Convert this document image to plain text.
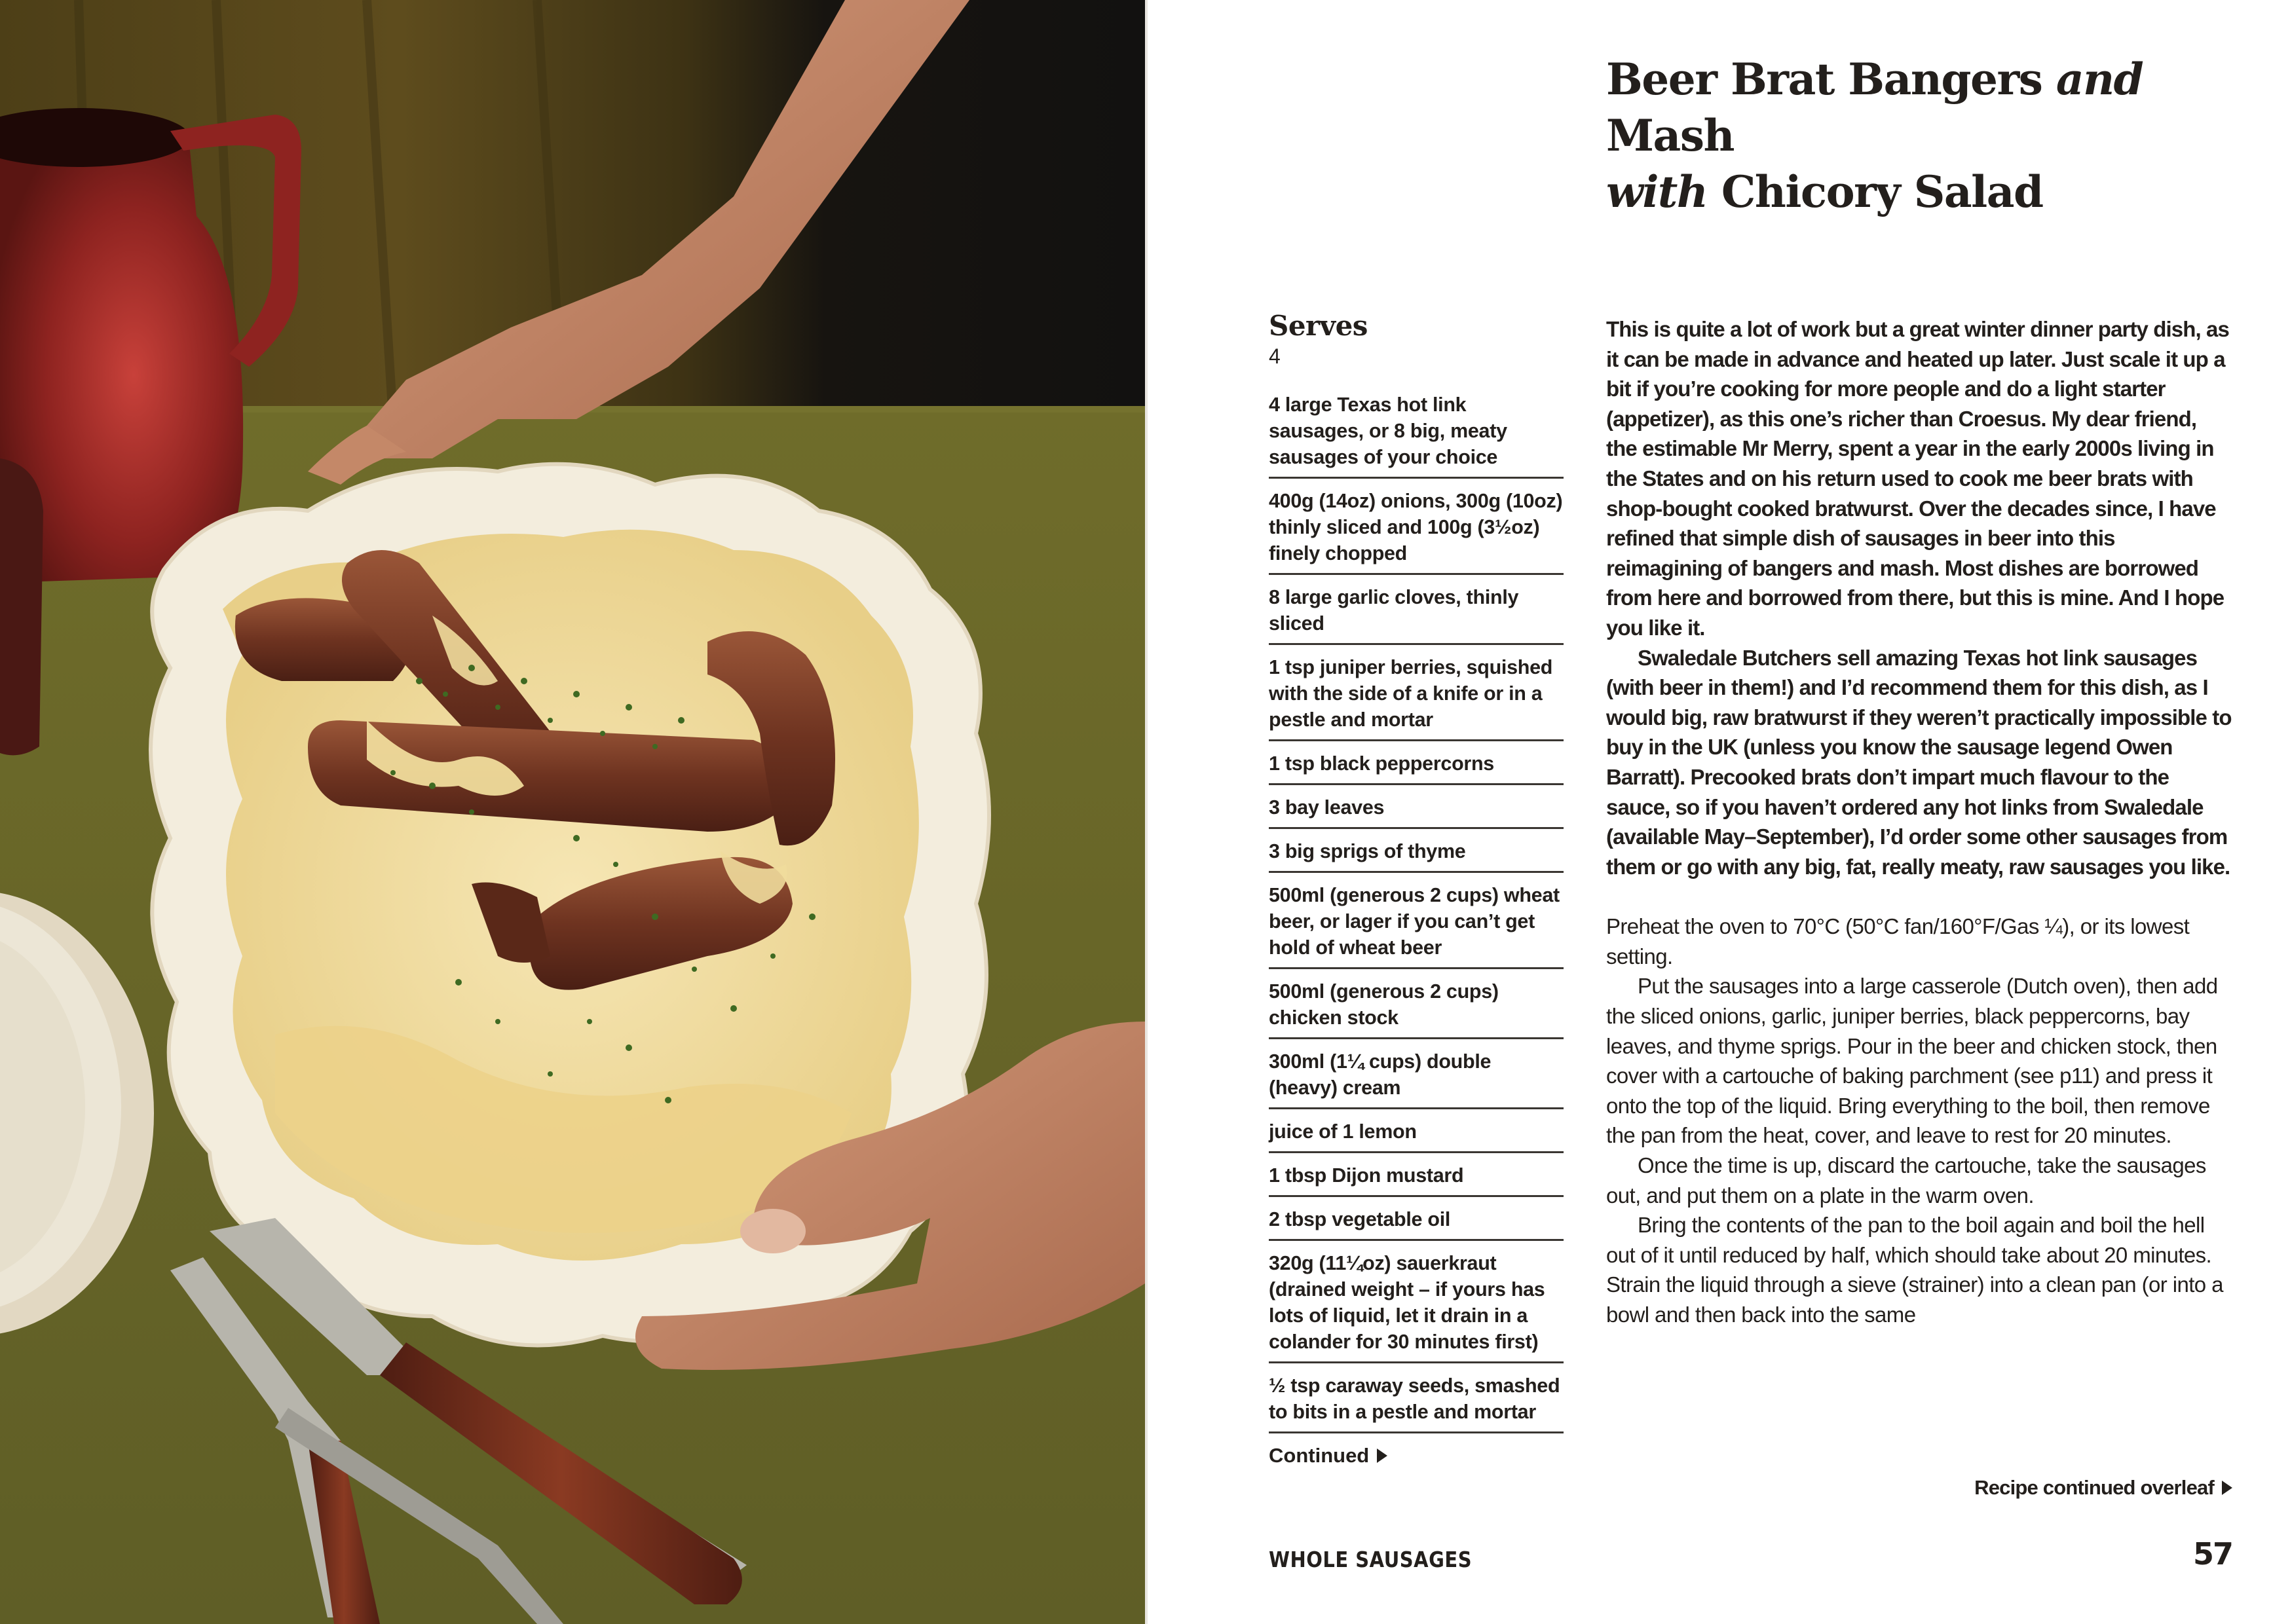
Beer Brat Bangers and Mash
with Chicory Salad
Serves
4
4 large Texas hot link sausages, or 8 big, meaty sausages of your choice
400g (14oz) onions, 300g (10oz) thinly sliced and 100g (3½oz) finely chopped
8 large garlic cloves, thinly sliced
1 tsp juniper berries, squished with the side of a knife or in a pestle and mortar
1 tsp black peppercorns
3 bay leaves
3 big sprigs of thyme
500ml (generous 2 cups) wheat beer, or lager if you can’t get hold of wheat beer
500ml (generous 2 cups) chicken stock
300ml (1¼ cups) double (heavy) cream
juice of 1 lemon
1 tbsp Dijon mustard
2 tbsp vegetable oil
320g (11¼oz) sauerkraut (drained weight – if yours has lots of liquid, let it drain in a colander for 30 minutes first)
½ tsp caraway seeds, smashed to bits in a pestle and mortar
Continued

This is quite a lot of work but a great winter dinner party dish, as it can be made in advance and heated up later. Just scale it up a bit if you’re cooking for more people and do a light starter (appetizer), as this one’s richer than Croesus. My dear friend, the estimable Mr Merry, spent a year in the early 2000s living in the States and on his return used to cook me beer brats with shop-bought cooked bratwurst. Over the decades since, I have refined that simple dish of sausages in beer into this reimagining of bangers and mash. Most dishes are borrowed from here and borrowed from there, but this is mine. And I hope you like it.

Swaledale Butchers sell amazing Texas hot link sausages (with beer in them!) and I’d recommend them for this dish, as I would big, raw bratwurst if they weren’t practically impossible to buy in the UK (unless you know the sausage legend Owen Barratt). Precooked brats don’t impart much flavour to the sauce, so if you haven’t ordered any hot links from Swaledale (available May–September), I’d order some other sausages from them or go with any big, fat, really meaty, raw sausages you like.

Preheat the oven to 70°C (50°C fan/160°F/Gas ¼), or its lowest setting.

Put the sausages into a large casserole (Dutch oven), then add the sliced onions, garlic, juniper berries, black peppercorns, bay leaves, and thyme sprigs. Pour in the beer and chicken stock, then cover with a cartouche of baking parchment (see p11) and press it onto the top of the liquid. Bring everything to the boil, then remove the pan from the heat, cover, and leave to rest for 20 minutes.

Once the time is up, discard the cartouche, take the sausages out, and put them on a plate in the warm oven.

Bring the contents of the pan to the boil again and boil the hell out of it until reduced by half, which should take about 20 minutes. Strain the liquid through a sieve (strainer) into a clean pan (or into a bowl and then back into the same

Recipe continued overleaf
WHOLE SAUSAGES	57
